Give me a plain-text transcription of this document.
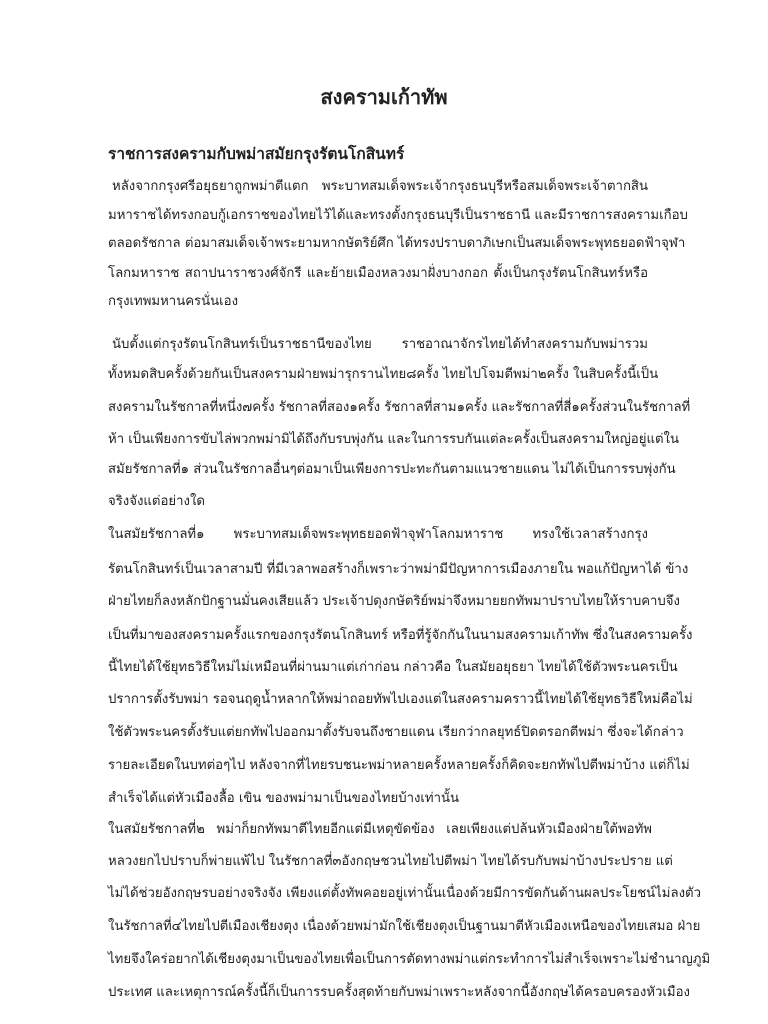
สงครามเก้าทัพ
ราชการสงครามกับพม่าสมัยกรุงรัตนโกสินทร์
หลังจากกรุงศรีอยุธยาถูกพม่าตีแตก พระบาทสมเด็จพระเจ้ากรุงธนบุรีหรือสมเด็จพระเจ้าตากสิน
มหาราชได้ทรงกอบกู้เอกราชของไทยไว้ได้และทรงตั้งกรุงธนบุรีเป็นราชธานี และมีราชการสงครามเกือบ
ตลอดรัชกาล ต่อมาสมเด็จเจ้าพระยามหากษัตริย์ศึก ได้ทรงปราบดาภิเษกเป็นสมเด็จพระพุทธยอดฟ้าจุฬา
โลกมหาราช สถาปนาราชวงศ์จักรี และย้ายเมืองหลวงมาฝั่งบางกอก ตั้งเป็นกรุงรัตนโกสินทร์หรือ
กรุงเทพมหานครนั่นเอง
นับตั้งแต่กรุงรัตนโกสินทร์เป็นราชธานีของไทย ราชอาณาจักรไทยได้ทำสงครามกับพม่ารวม
ทั้งหมดสิบครั้งด้วยกันเป็นสงครามฝ่ายพม่ารุกรานไทย๘ครั้ง ไทยไปโจมตีพม่า๒ครั้ง ในสิบครั้งนี้เป็น
สงครามในรัชกาลที่หนึ่ง๗ครั้ง รัชกาลที่สอง๑ครั้ง รัชกาลที่สาม๑ครั้ง และรัชกาลที่สี่๑ครั้งส่วนในรัชกาลที่
ห้า เป็นเพียงการขับไล่พวกพม่ามิได้ถึงกับรบพุ่งกัน และในการรบกันแต่ละครั้งเป็นสงครามใหญ่อยู่แต่ใน
สมัยรัชกาลที่๑ ส่วนในรัชกาลอื่นๆต่อมาเป็นเพียงการปะทะกันตามแนวชายแดน ไม่ได้เป็นการรบพุ่งกัน
จริงจังแต่อย่างใด
ในสมัยรัชกาลที่๑ พระบาทสมเด็จพระพุทธยอดฟ้าจุฬาโลกมหาราช ทรงใช้เวลาสร้างกรุง
รัตนโกสินทร์เป็นเวลาสามปี ที่มีเวลาพอสร้างก็เพราะว่าพม่ามีปัญหาการเมืองภายใน พอแก้ปัญหาได้ ข้าง
ฝ่ายไทยก็ลงหลักปักฐานมั่นคงเสียแล้ว ประเจ้าปดุงกษัตริย์พม่าจึงหมายยกทัพมาปราบไทยให้ราบคาบจึง
เป็นที่มาของสงครามครั้งแรกของกรุงรัตนโกสินทร์ หรือที่รู้จักกันในนามสงครามเก้าทัพ ซึ่งในสงครามครั้ง
นี้ไทยได้ใช้ยุทธวิธีใหม่ไม่เหมือนที่ผ่านมาแต่เก่าก่อน กล่าวคือ ในสมัยอยุธยา ไทยได้ใช้ตัวพระนครเป็น
ปราการตั้งรับพม่า รอจนฤดูน้ำหลากให้พม่าถอยทัพไปเองแต่ในสงครามคราวนี้ไทยได้ใช้ยุทธวิธีใหม่คือไม่
ใช้ตัวพระนครตั้งรับแต่ยกทัพไปออกมาตั้งรับจนถึงชายแดน เรียกว่ากลยุทธ์ปิดตรอกตีพม่า ซึ่งจะได้กล่าว
รายละเอียดในบทต่อๆไป หลังจากที่ไทยรบชนะพม่าหลายครั้งหลายครั้งก็คิดจะยกทัพไปตีพม่าบ้าง แต่ก็ไม่
สำเร็จได้แต่หัวเมืองลื้อ เขิน ของพม่ามาเป็นของไทยบ้างเท่านั้น
ในสมัยรัชกาลที่๒ พม่าก็ยกทัพมาตีไทยอีกแต่มีเหตุขัดข้อง เลยเพียงแต่ปล้นหัวเมืองฝ่ายใต้พอทัพ
หลวงยกไปปราบก็พ่ายแพ้ไป ในรัชกาลที่๓อังกฤษชวนไทยไปตีพม่า ไทยได้รบกับพม่าบ้างประปราย แต่
ไม่ได้ช่วยอังกฤษรบอย่างจริงจัง เพียงแต่ตั้งทัพคอยอยู่เท่านั้นเนื่องด้วยมีการขัดกันด้านผลประโยชน์ไม่ลงตัว
ในรัชกาลที่๔ไทยไปตีเมืองเชียงตุง เนื่องด้วยพม่ามักใช้เชียงตุงเป็นฐานมาตีหัวเมืองเหนือของไทยเสมอ ฝ่าย
ไทยจึงใคร่อยากได้เชียงตุงมาเป็นของไทยเพื่อเป็นการตัดทางพม่าแต่กระทำการไม่สำเร็จเพราะไม่ชำนาญภูมิ
ประเทศ และเหตุการณ์ครั้งนี้ก็เป็นการรบครั้งสุดท้ายกับพม่าเพราะหลังจากนี้อังกฤษได้ครอบครองหัวเมือง
